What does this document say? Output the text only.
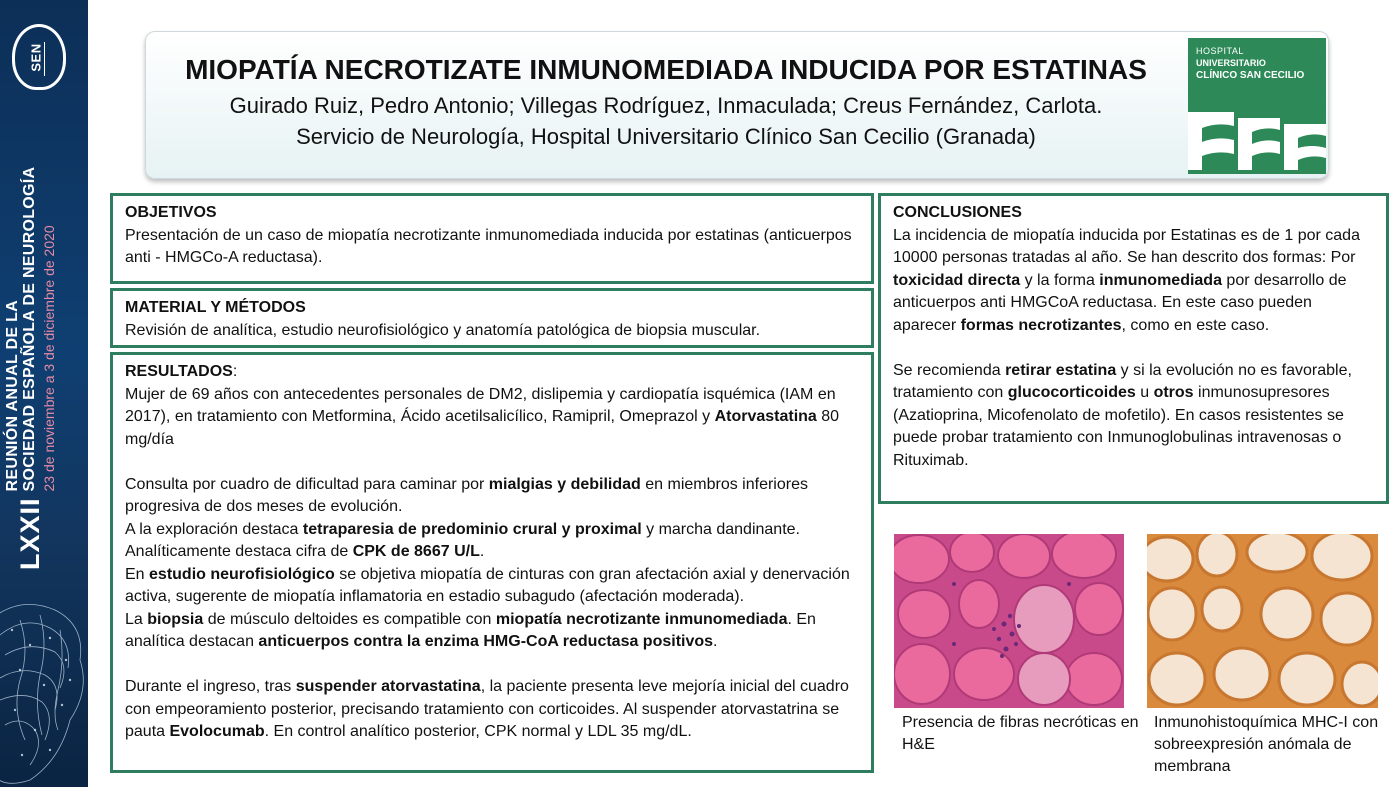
SEN
LXXII
REUNIÓN ANUAL DE LA SOCIEDAD ESPAÑOLA DE NEUROLOGÍA 23 de noviembre a 3 de diciembre de 2020
MIOPATÍA NECROTIZATE INMUNOMEDIADA INDUCIDA POR ESTATINAS
Guirado Ruiz, Pedro Antonio; Villegas Rodríguez, Inmaculada; Creus Fernández, Carlota.
Servicio de Neurología, Hospital Universitario Clínico San Cecilio (Granada)
HOSPITAL
UNIVERSITARIO
CLÍNICO SAN CECILIO
OBJETIVOS
Presentación de un caso de miopatía necrotizante inmunomediada inducida por estatinas (anticuerpos anti - HMGCo-A reductasa).
MATERIAL Y MÉTODOS
Revisión de analítica, estudio neurofisiológico y anatomía patológica de biopsia muscular.
RESULTADOS:
Mujer de 69 años con antecedentes personales de DM2, dislipemia y cardiopatía isquémica (IAM en 2017), en tratamiento con Metformina, Ácido acetilsalicílico, Ramipril, Omeprazol y Atorvastatina 80 mg/día
Consulta por cuadro de dificultad para caminar por mialgias y debilidad en miembros inferiores progresiva de dos meses de evolución.
A la exploración destaca tetraparesia de predominio crural y proximal y marcha dandinante.
Analíticamente destaca cifra de CPK de 8667 U/L.
En estudio neurofisiológico se objetiva miopatía de cinturas con gran afectación axial y denervación activa, sugerente de miopatía inflamatoria en estadio subagudo (afectación moderada).
La biopsia de músculo deltoides es compatible con miopatía necrotizante inmunomediada. En analítica destacan anticuerpos contra la enzima HMG-CoA reductasa positivos.
Durante el ingreso, tras suspender atorvastatina, la paciente presenta leve mejoría inicial del cuadro con empeoramiento posterior, precisando tratamiento con corticoides. Al suspender atorvastatrina se pauta Evolocumab. En control analítico posterior, CPK normal y LDL 35 mg/dL.
CONCLUSIONES
La incidencia de miopatía inducida por Estatinas es de 1 por cada 10000 personas tratadas al año. Se han descrito dos formas: Por toxicidad directa y la forma inmunomediada por desarrollo de anticuerpos anti HMGCoA reductasa. En este caso pueden aparecer formas necrotizantes, como en este caso.
Se recomienda retirar estatina y si la evolución no es favorable, tratamiento con glucocorticoides u otros inmunosupresores (Azatioprina, Micofenolato de mofetilo). En casos resistentes se puede probar tratamiento con Inmunoglobulinas intravenosas o Rituximab.
Presencia de fibras necróticas en H&E
Inmunohistoquímica MHC-I con sobreexpresión anómala de membrana
